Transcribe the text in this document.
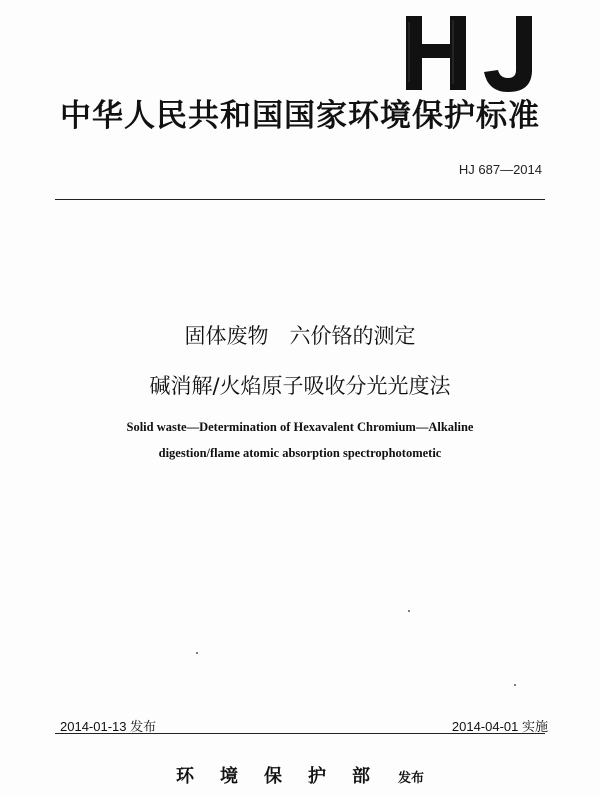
中华人民共和国国家环境保护标准
HJ 687—2014
固体废物　六价铬的测定
碱消解/火焰原子吸收分光光度法
Solid waste—Determination of Hexavalent Chromium—Alkaline
digestion/flame atomic absorption spectrophotometic
2014-01-13 发布	2014-04-01 实施
环境保护部 发布
